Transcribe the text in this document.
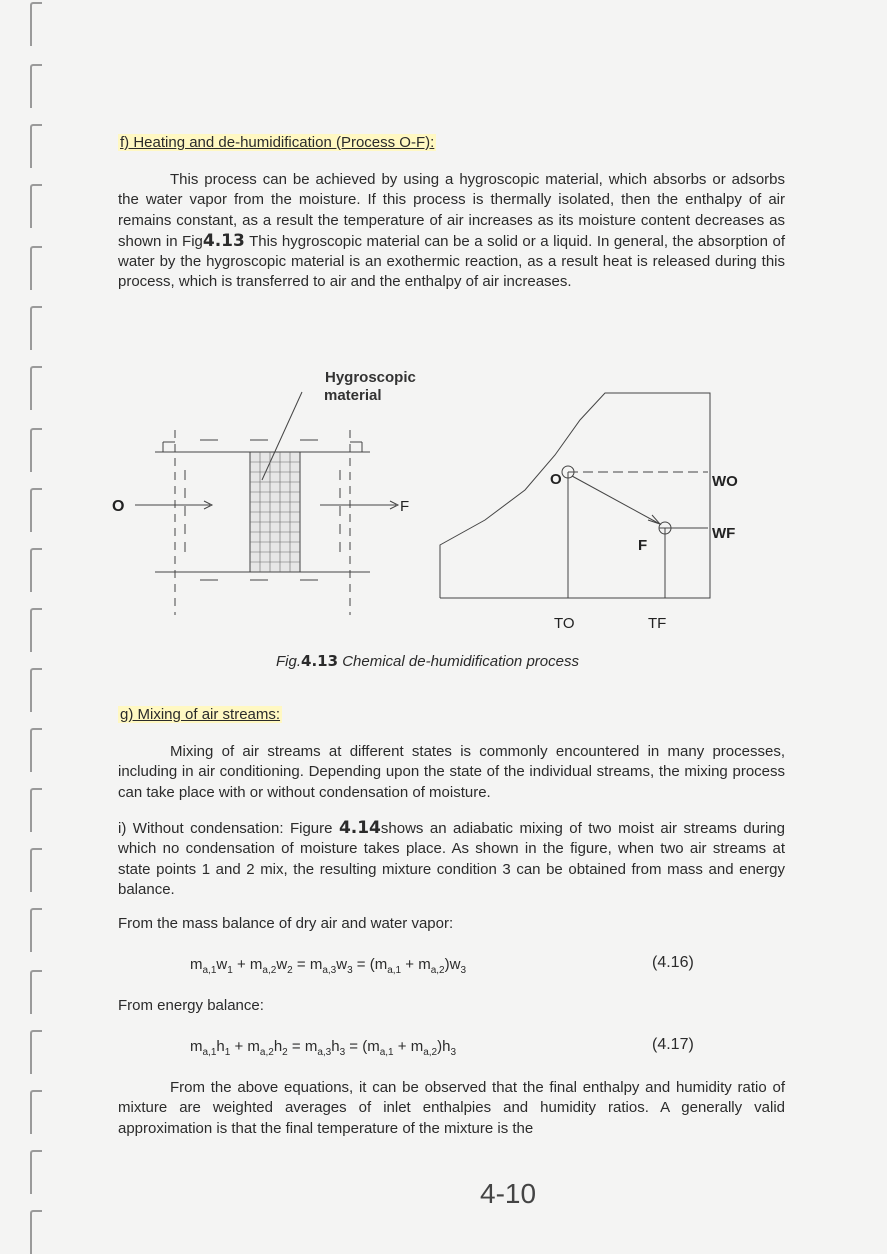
f) Heating and de-humidification (Process O-F):

This process can be achieved by using a hygroscopic material, which absorbs or adsorbs the water vapor from the moisture. If this process is thermally isolated, then the enthalpy of air remains constant, as a result the temperature of air increases as its moisture content decreases as shown in Fig4.13 This hygroscopic material can be a solid or a liquid. In general, the absorption of water by the hygroscopic material is an exothermic reaction, as a result heat is released during this process, which is transferred to air and the enthalpy of air increases.

Hygroscopic
material
O	F
O
F
WO
WF
TO	TF
Fig.4.13 Chemical de-humidification process
g) Mixing of air streams:

Mixing of air streams at different states is commonly encountered in many processes, including in air conditioning. Depending upon the state of the individual streams, the mixing process can take place with or without condensation of moisture.

i) Without condensation: Figure 4.14shows an adiabatic mixing of two moist air streams during which no condensation of moisture takes place. As shown in the figure, when two air streams at state points 1 and 2 mix, the resulting mixture condition 3 can be obtained from mass and energy balance.

From the mass balance of dry air and water vapor:

$m_{a,1}w_1 + m_{a,2}w_2 = m_{a,3}w_3 = (m_{a,1} + m_{a,2})w_3$	(4.16)

From energy balance:

$m_{a,1}h_1 + m_{a,2}h_2 = m_{a,3}h_3 = (m_{a,1} + m_{a,2})h_3$	(4.17)

From the above equations, it can be observed that the final enthalpy and humidity ratio of mixture are weighted averages of inlet enthalpies and humidity ratios. A generally valid approximation is that the final temperature of the mixture is the

4-10
